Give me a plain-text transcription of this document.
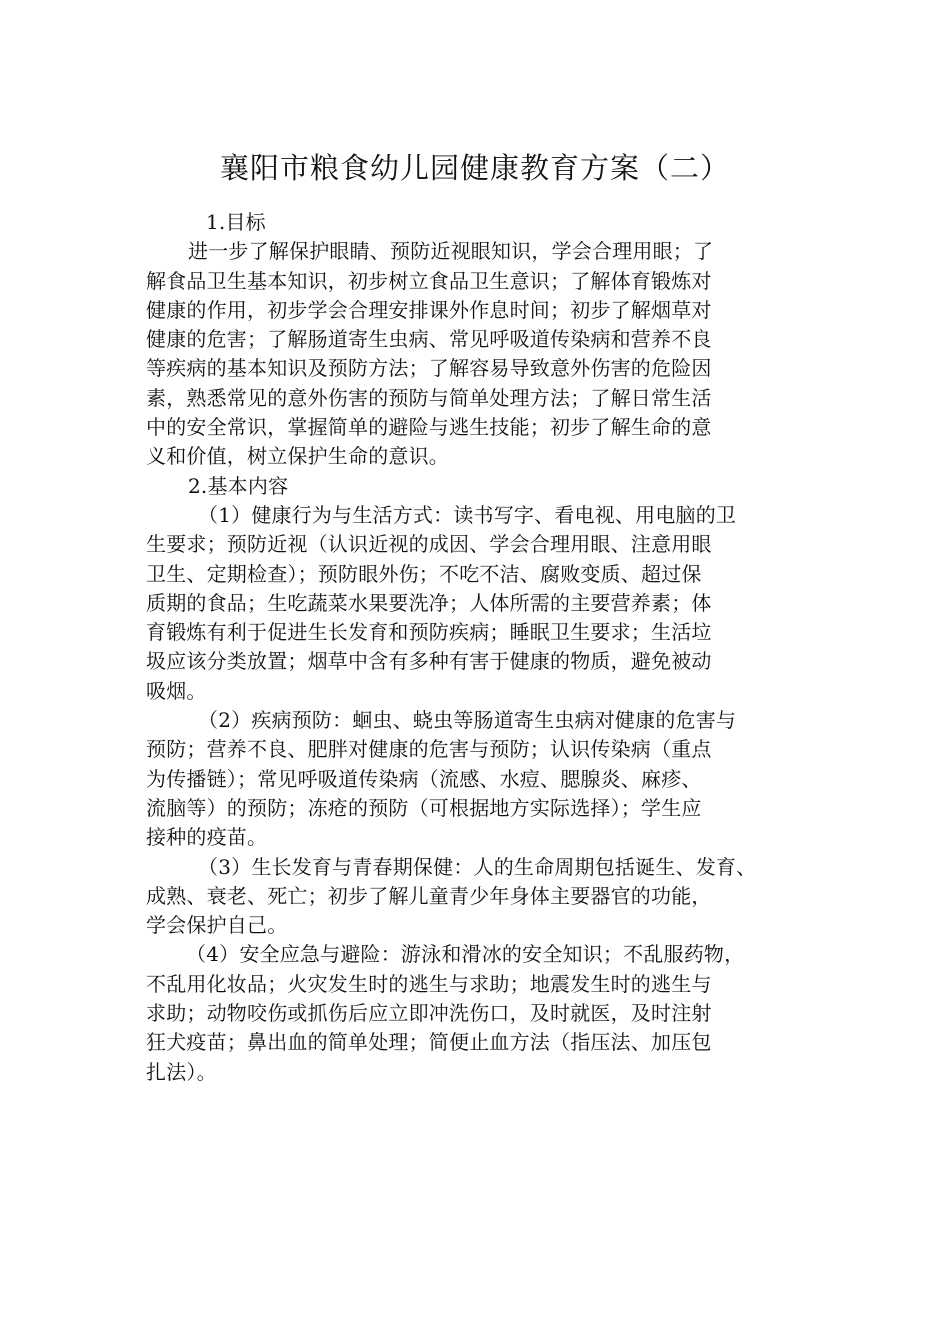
襄阳市粮食幼儿园健康教育方案（二）
1.目标
进一步了解保护眼睛、预防近视眼知识，学会合理用眼；了
解食品卫生基本知识，初步树立食品卫生意识；了解体育锻炼对
健康的作用，初步学会合理安排课外作息时间；初步了解烟草对
健康的危害；了解肠道寄生虫病、常见呼吸道传染病和营养不良
等疾病的基本知识及预防方法；了解容易导致意外伤害的危险因
素，熟悉常见的意外伤害的预防与简单处理方法；了解日常生活
中的安全常识，掌握简单的避险与逃生技能；初步了解生命的意
义和价值，树立保护生命的意识。
2.基本内容
（1）健康行为与生活方式：读书写字、看电视、用电脑的卫
生要求；预防近视（认识近视的成因、学会合理用眼、注意用眼
卫生、定期检查）；预防眼外伤；不吃不洁、腐败变质、超过保
质期的食品；生吃蔬菜水果要洗净；人体所需的主要营养素；体
育锻炼有利于促进生长发育和预防疾病；睡眠卫生要求；生活垃
圾应该分类放置；烟草中含有多种有害于健康的物质，避免被动
吸烟。
（2）疾病预防：蛔虫、蛲虫等肠道寄生虫病对健康的危害与
预防；营养不良、肥胖对健康的危害与预防；认识传染病（重点
为传播链）；常见呼吸道传染病（流感、水痘、腮腺炎、麻疹、
流脑等）的预防；冻疮的预防（可根据地方实际选择）；学生应
接种的疫苗。
（3）生长发育与青春期保健：人的生命周期包括诞生、发育、
成熟、衰老、死亡；初步了解儿童青少年身体主要器官的功能，
学会保护自己。
（4）安全应急与避险：游泳和滑冰的安全知识；不乱服药物，
不乱用化妆品；火灾发生时的逃生与求助；地震发生时的逃生与
求助；动物咬伤或抓伤后应立即冲洗伤口，及时就医，及时注射
狂犬疫苗；鼻出血的简单处理；简便止血方法（指压法、加压包
扎法）。
